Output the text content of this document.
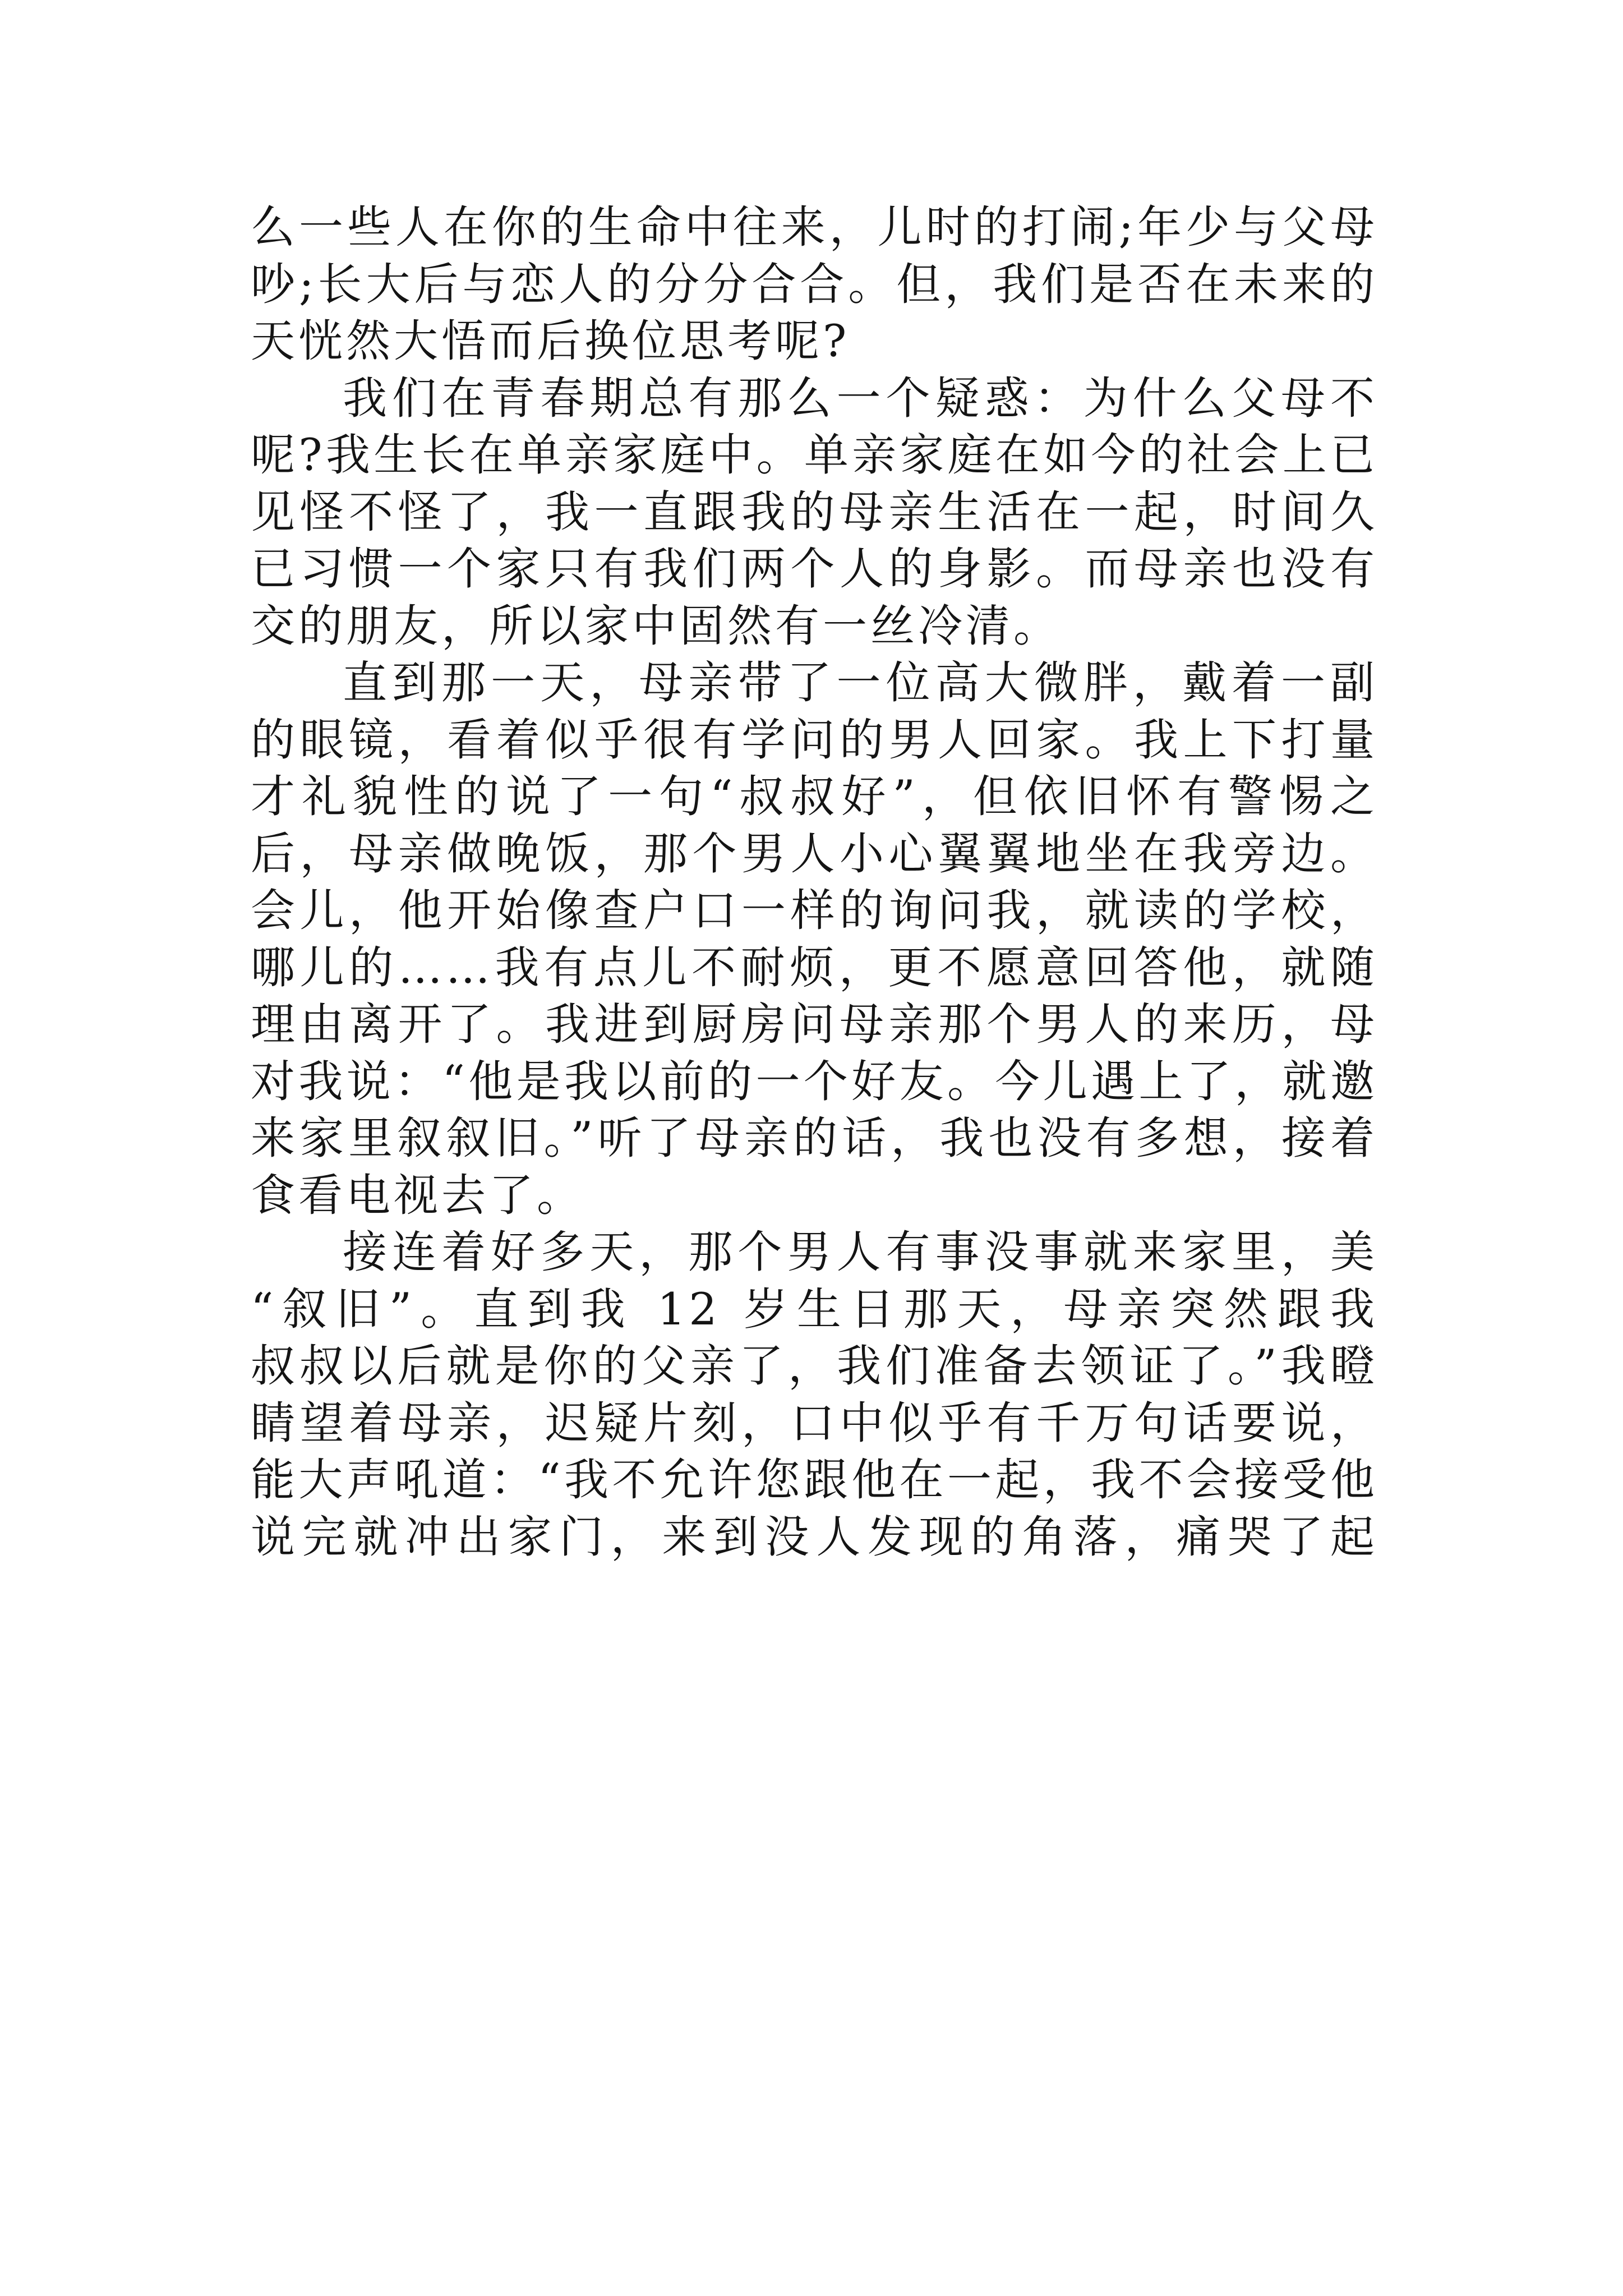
么一些人在你的生命中往来，儿时的打闹;年少与父母
吵;长大后与恋人的分分合合。但，我们是否在未来的
天恍然大悟而后换位思考呢?
我们在青春期总有那么一个疑惑：为什么父母不
呢?我生长在单亲家庭中。单亲家庭在如今的社会上已
见怪不怪了，我一直跟我的母亲生活在一起，时间久
已习惯一个家只有我们两个人的身影。而母亲也没有
交的朋友，所以家中固然有一丝冷清。
直到那一天，母亲带了一位高大微胖，戴着一副
的眼镜，看着似乎很有学问的男人回家。我上下打量
才礼貌性的说了一句“叔叔好”，但依旧怀有警惕之
后，母亲做晚饭，那个男人小心翼翼地坐在我旁边。
会儿，他开始像查户口一样的询问我，就读的学校，
哪儿的……我有点儿不耐烦，更不愿意回答他，就随
理由离开了。我进到厨房问母亲那个男人的来历，母
对我说：“他是我以前的一个好友。今儿遇上了，就邀
来家里叙叙旧。”听了母亲的话，我也没有多想，接着
食看电视去了。
接连着好多天，那个男人有事没事就来家里，美
“叙旧”。直到我 12 岁生日那天，母亲突然跟我
叔叔以后就是你的父亲了，我们准备去领证了。”我瞪
睛望着母亲，迟疑片刻，口中似乎有千万句话要说，
能大声吼道：“我不允许您跟他在一起，我不会接受他
说完就冲出家门，来到没人发现的角落，痛哭了起
